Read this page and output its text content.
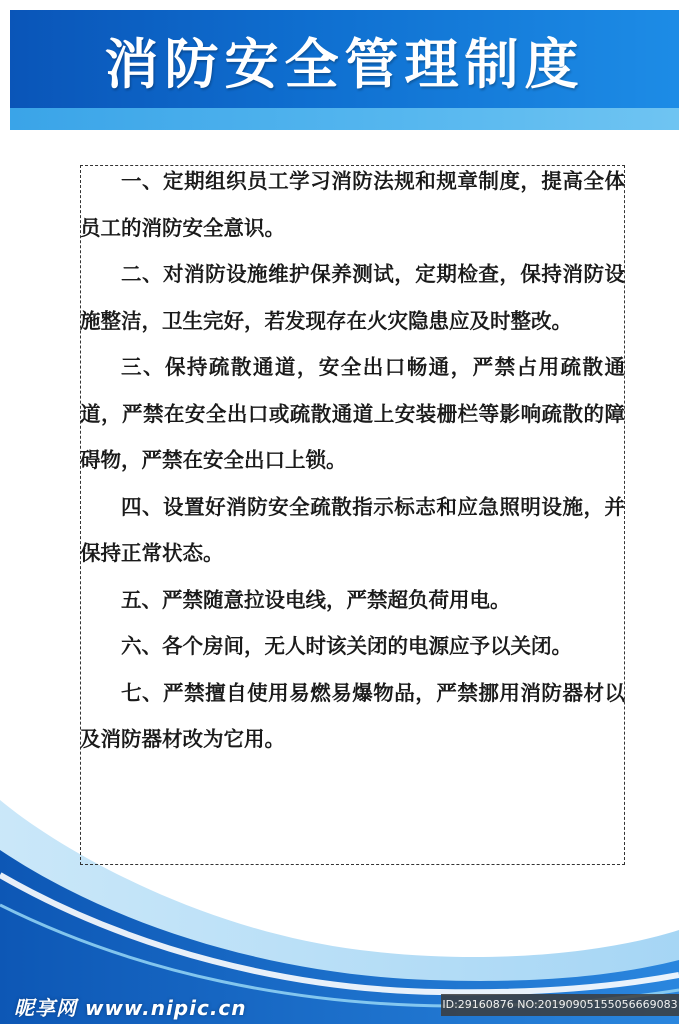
消防安全管理制度

一、定期组织员工学习消防法规和规章制度，提高全体员工的消防安全意识。

二、对消防设施维护保养测试，定期检查，保持消防设施整洁，卫生完好，若发现存在火灾隐患应及时整改。

三、保持疏散通道，安全出口畅通，严禁占用疏散通道，严禁在安全出口或疏散通道上安装栅栏等影响疏散的障碍物，严禁在安全出口上锁。

四、设置好消防安全疏散指示标志和应急照明设施，并保持正常状态。

五、严禁随意拉设电线，严禁超负荷用电。

六、各个房间，无人时该关闭的电源应予以关闭。

七、严禁擅自使用易燃易爆物品，严禁挪用消防器材以及消防器材改为它用。

昵享网 www.nipic.cn	ID:29160876 NO:20190905155056669083
